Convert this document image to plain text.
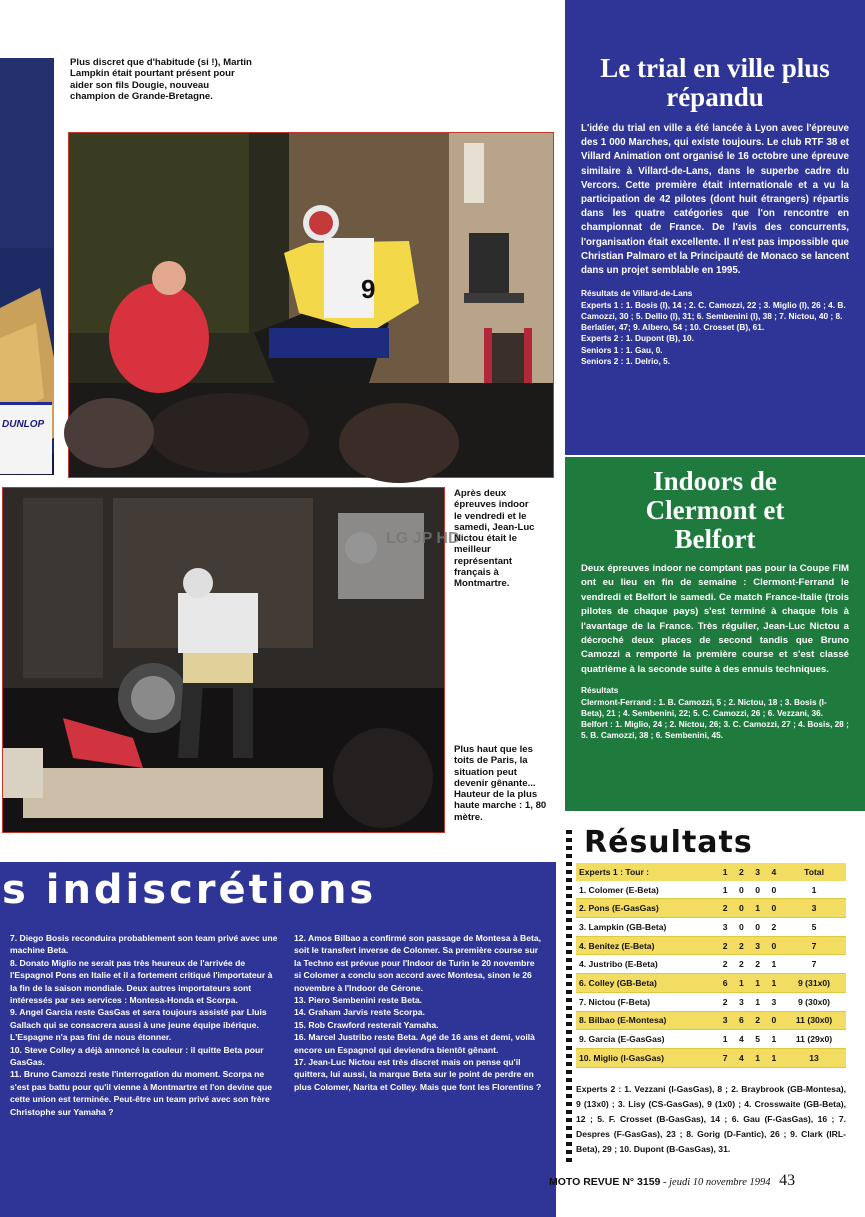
DUNLOP
Plus discret que d'habitude (si !), Martin Lampkin était pourtant présent pour aider son fils Dougie, nouveau champion de Grande-Bretagne.
9
LG JP HD
Après deux épreuves indoor le vendredi et le samedi, Jean-Luc Nictou était le meilleur représentant français à Montmartre.
Plus haut que les toits de Paris, la situation peut devenir gênante... Hauteur de la plus haute marche : 1, 80 mètre.
Le trial en ville plus répandu
L'idée du trial en ville a été lancée à Lyon avec l'épreuve des 1 000 Marches, qui existe toujours. Le club RTF 38 et Villard Animation ont organisé le 16 octobre une épreuve similaire à Villard-de-Lans, dans le superbe cadre du Vercors. Cette première était internationale et a vu la participation de 42 pilotes (dont huit étrangers) répartis dans les quatre catégories que l'on rencontre en championnat de France. De l'avis des concurrents, l'organisation était excellente. Il n'est pas impossible que Christian Palmaro et la Principauté de Monaco se lancent dans un projet semblable en 1995.

Résultats de Villard-de-Lans

Experts 1 : 1. Bosis (I), 14 ; 2. C. Camozzi, 22 ; 3. Miglio (I), 26 ; 4. B. Camozzi, 30 ; 5. Dellio (I), 31; 6. Sembenini (I), 38 ; 7. Nictou, 40 ; 8. Berlatier, 47; 9. Albero, 54 ; 10. Crosset (B), 61.

Experts 2 : 1. Dupont (B), 10.

Seniors 1 : 1. Gau, 0.

Seniors 2 : 1. Delrio, 5.

Indoors de Clermont et Belfort
Deux épreuves indoor ne comptant pas pour la Coupe FIM ont eu lieu en fin de semaine : Clermont-Ferrand le vendredi et Belfort le samedi. Ce match France-Italie (trois pilotes de chaque pays) s'est terminé à chaque fois à l'avantage de la France. Très régulier, Jean-Luc Nictou a décroché deux places de second tandis que Bruno Camozzi a remporté la première course et s'est classé quatrième à la seconde suite à des ennuis techniques.

Résultats

Clermont-Ferrand : 1. B. Camozzi, 5 ; 2. Nictou, 18 ; 3. Bosis (I-Beta), 21 ; 4. Sembenini, 22; 5. C. Camozzi, 26 ; 6. Vezzani, 36. Belfort : 1. Miglio, 24 ; 2. Nictou, 26; 3. C. Camozzi, 27 ; 4. Bosis, 28 ; 5. B. Camozzi, 38 ; 6. Sembenini, 45.

s indiscrétions

7. Diego Bosis reconduira probablement son team privé avec une machine Beta.

8. Donato Miglio ne serait pas très heureux de l'arrivée de l'Espagnol Pons en Italie et il a fortement critiqué l'importateur à la fin de la saison mondiale. Deux autres importateurs sont intéressés par ses services : Montesa-Honda et Scorpa.

9. Angel Garcia reste GasGas et sera toujours assisté par Lluis Gallach qui se consacrera aussi à une jeune équipe ibérique. L'Espagne n'a pas fini de nous étonner.

10. Steve Colley a déjà annoncé la couleur : il quitte Beta pour GasGas.

11. Bruno Camozzi reste l'interrogation du moment. Scorpa ne s'est pas battu pour qu'il vienne à Montmartre et l'on devine que cette union est terminée. Peut-être un team privé avec son frère Christophe sur Yamaha ?

12. Amos Bilbao a confirmé son passage de Montesa à Beta, soit le transfert inverse de Colomer. Sa première course sur la Techno est prévue pour l'Indoor de Turin le 20 novembre si Colomer a conclu son accord avec Montesa, sinon le 26 novembre à l'Indoor de Gérone.

13. Piero Sembenini reste Beta.

14. Graham Jarvis reste Scorpa.

15. Rob Crawford resterait Yamaha.

16. Marcel Justribo reste Beta. Agé de 16 ans et demi, voilà encore un Espagnol qui deviendra bientôt gênant.

17. Jean-Luc Nictou est très discret mais on pense qu'il quittera, lui aussi, la marque Beta sur le point de perdre en plus Colomer, Narita et Colley. Mais que font les Florentins ?

Résultats
Experts 1 : Tour :	1	2	3	4	Total
1. Colomer (E-Beta)	1	0	0	0	1
2. Pons (E-GasGas)	2	0	1	0	3
3. Lampkin (GB-Beta)	3	0	0	2	5
4. Benitez (E-Beta)	2	2	3	0	7
4. Justribo (E-Beta)	2	2	2	1	7
6. Colley (GB-Beta)	6	1	1	1	9 (31x0)
7. Nictou (F-Beta)	2	3	1	3	9 (30x0)
8. Bilbao (E-Montesa)	3	6	2	0	11 (30x0)
9. Garcia (E-GasGas)	1	4	5	1	11 (29x0)
10. Miglio (I-GasGas)	7	4	1	1	13

Experts 2 : 1. Vezzani (I-GasGas), 8 ; 2. Braybrook (GB-Montesa), 9 (13x0) ; 3. Lisy (CS-GasGas), 9 (1x0) ; 4. Crosswaite (GB-Beta), 12 ; 5. F. Crosset (B-GasGas), 14 ; 6. Gau (F-GasGas), 16 ; 7. Despres (F-GasGas), 23 ; 8. Gorig (D-Fantic), 26 ; 9. Clark (IRL-Beta), 29 ; 10. Dupont (B-GasGas), 31.

MOTO REVUE N° 3159 - jeudi 10 novembre 1994 43
